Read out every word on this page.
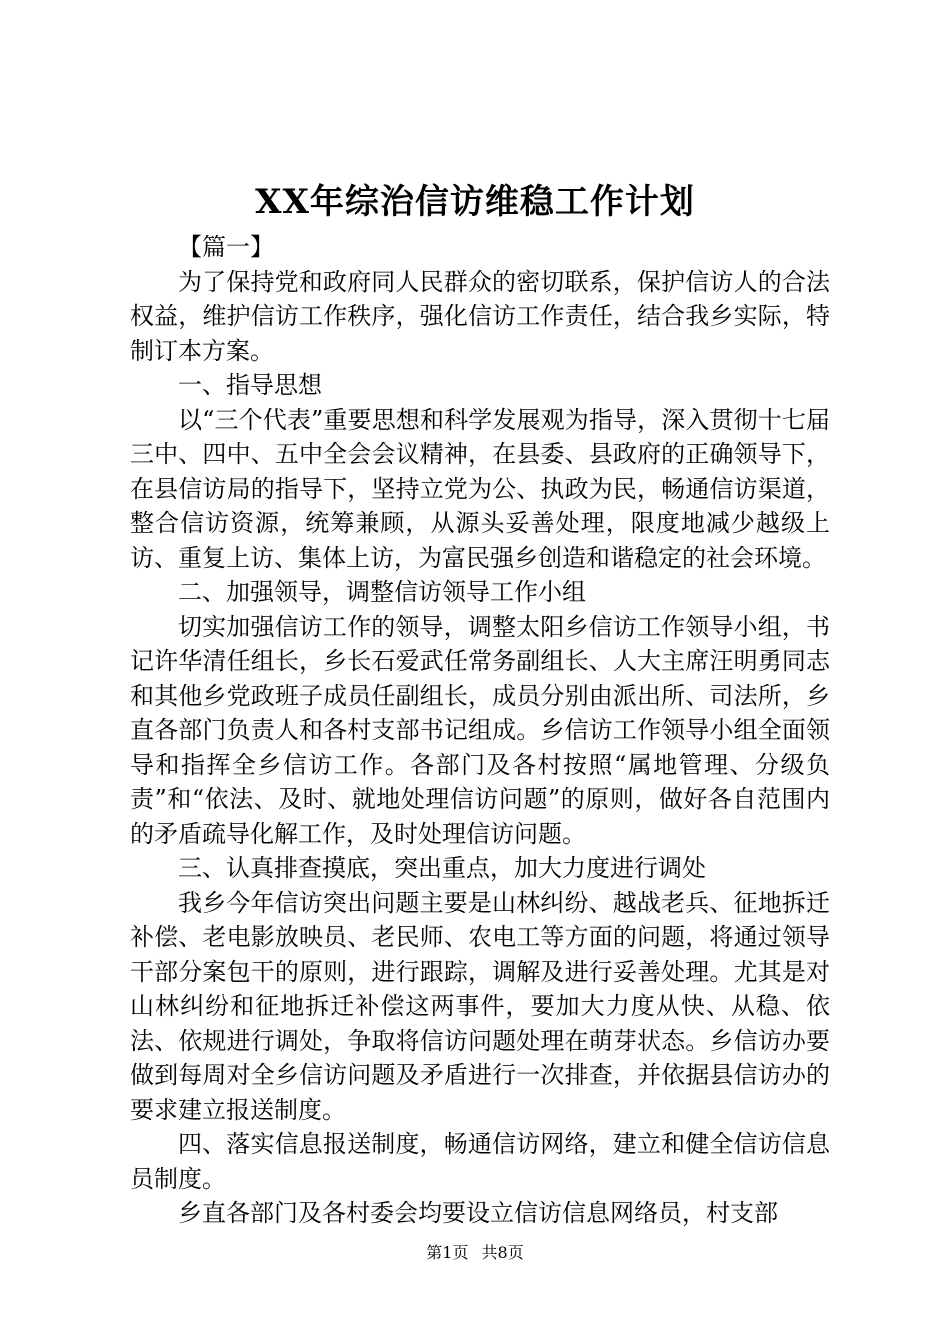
XX年综治信访维稳工作计划

【篇一】

为了保持党和政府同人民群众的密切联系，保护信访人的合法权益，维护信访工作秩序，强化信访工作责任，结合我乡实际，特制订本方案。

一、指导思想

以“三个代表”重要思想和科学发展观为指导，深入贯彻十七届三中、四中、五中全会会议精神，在县委、县政府的正确领导下，在县信访局的指导下，坚持立党为公、执政为民，畅通信访渠道，整合信访资源，统筹兼顾，从源头妥善处理，限度地减少越级上访、重复上访、集体上访，为富民强乡创造和谐稳定的社会环境。

二、加强领导，调整信访领导工作小组

切实加强信访工作的领导，调整太阳乡信访工作领导小组，书记许华清任组长，乡长石爱武任常务副组长、人大主席汪明勇同志和其他乡党政班子成员任副组长，成员分别由派出所、司法所，乡直各部门负责人和各村支部书记组成。乡信访工作领导小组全面领导和指挥全乡信访工作。各部门及各村按照“属地管理、分级负责”和“依法、及时、就地处理信访问题”的原则，做好各自范围内的矛盾疏导化解工作，及时处理信访问题。

三、认真排查摸底，突出重点，加大力度进行调处

我乡今年信访突出问题主要是山林纠纷、越战老兵、征地拆迁补偿、老电影放映员、老民师、农电工等方面的问题，将通过领导干部分案包干的原则，进行跟踪，调解及进行妥善处理。尤其是对山林纠纷和征地拆迁补偿这两事件，要加大力度从快、从稳、依法、依规进行调处，争取将信访问题处理在萌芽状态。乡信访办要做到每周对全乡信访问题及矛盾进行一次排查，并依据县信访办的要求建立报送制度。

四、落实信息报送制度，畅通信访网络，建立和健全信访信息员制度。

乡直各部门及各村委会均要设立信访信息网络员，村支部

第1页 共8页
